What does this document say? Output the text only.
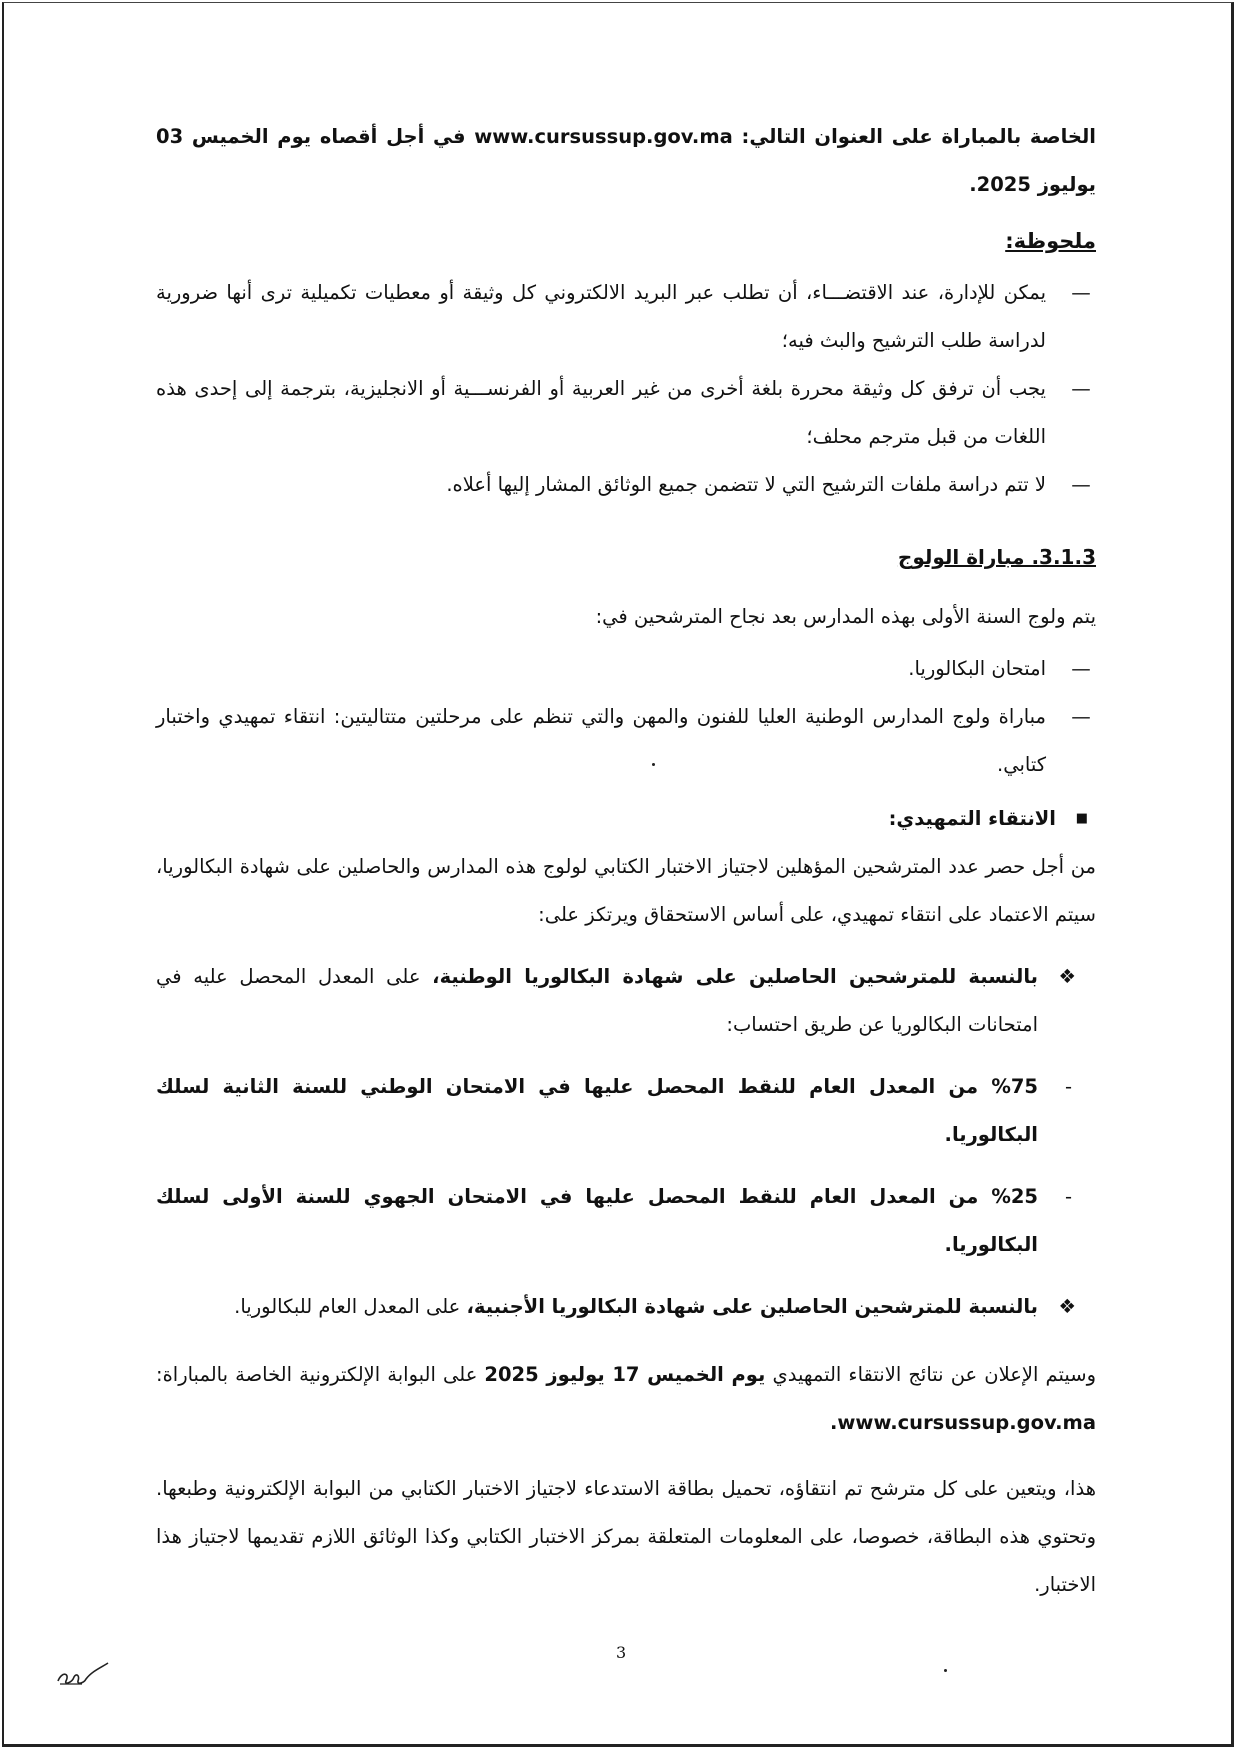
الخاصة بالمباراة على العنوان التالي: www.cursussup.gov.ma في أجل أقصاه يوم الخميس 03 يوليوز 2025.

ملحوظة:

—
يمكن للإدارة، عند الاقتضـــاء، أن تطلب عبر البريد الالكتروني كل وثيقة أو معطيات تكميلية ترى أنها ضرورية لدراسة طلب الترشيح والبث فيه؛
—
يجب أن ترفق كل وثيقة محررة بلغة أخرى من غير العربية أو الفرنســـية أو الانجليزية، بترجمة إلى إحدى هذه اللغات من قبل مترجم محلف؛
—
لا تتم دراسة ملفات الترشيح التي لا تتضمن جميع الوثائق المشار إليها أعلاه.

3.1.3. مباراة الولوج

يتم ولوج السنة الأولى بهذه المدارس بعد نجاح المترشحين في:

—
امتحان البكالوريا.
—
مباراة ولوج المدارس الوطنية العليا للفنون والمهن والتي تنظم على مرحلتين متتاليتين: انتقاء تمهيدي واختبار كتابي.

■
الانتقاء التمهيدي:

من أجل حصر عدد المترشحين المؤهلين لاجتياز الاختبار الكتابي لولوج هذه المدارس والحاصلين على شهادة البكالوريا، سيتم الاعتماد على انتقاء تمهيدي، على أساس الاستحقاق ويرتكز على:

❖
بالنسبة للمترشحين الحاصلين على شهادة البكالوريا الوطنية، على المعدل المحصل عليه في امتحانات البكالوريا عن طريق احتساب:

-
%75 من المعدل العام للنقط المحصل عليها في الامتحان الوطني للسنة الثانية لسلك البكالوريا.

-
%25 من المعدل العام للنقط المحصل عليها في الامتحان الجهوي للسنة الأولى لسلك البكالوريا.

❖
بالنسبة للمترشحين الحاصلين على شهادة البكالوريا الأجنبية، على المعدل العام للبكالوريا.

وسيتم الإعلان عن نتائج الانتقاء التمهيدي يوم الخميس 17 يوليوز 2025 على البوابة الإلكترونية الخاصة بالمباراة: www.cursussup.gov.ma.

هذا، ويتعين على كل مترشح تم انتقاؤه، تحميل بطاقة الاستدعاء لاجتياز الاختبار الكتابي من البوابة الإلكترونية وطبعها. وتحتوي هذه البطاقة، خصوصا، على المعلومات المتعلقة بمركز الاختبار الكتابي وكذا الوثائق اللازم تقديمها لاجتياز هذا الاختبار.

3
